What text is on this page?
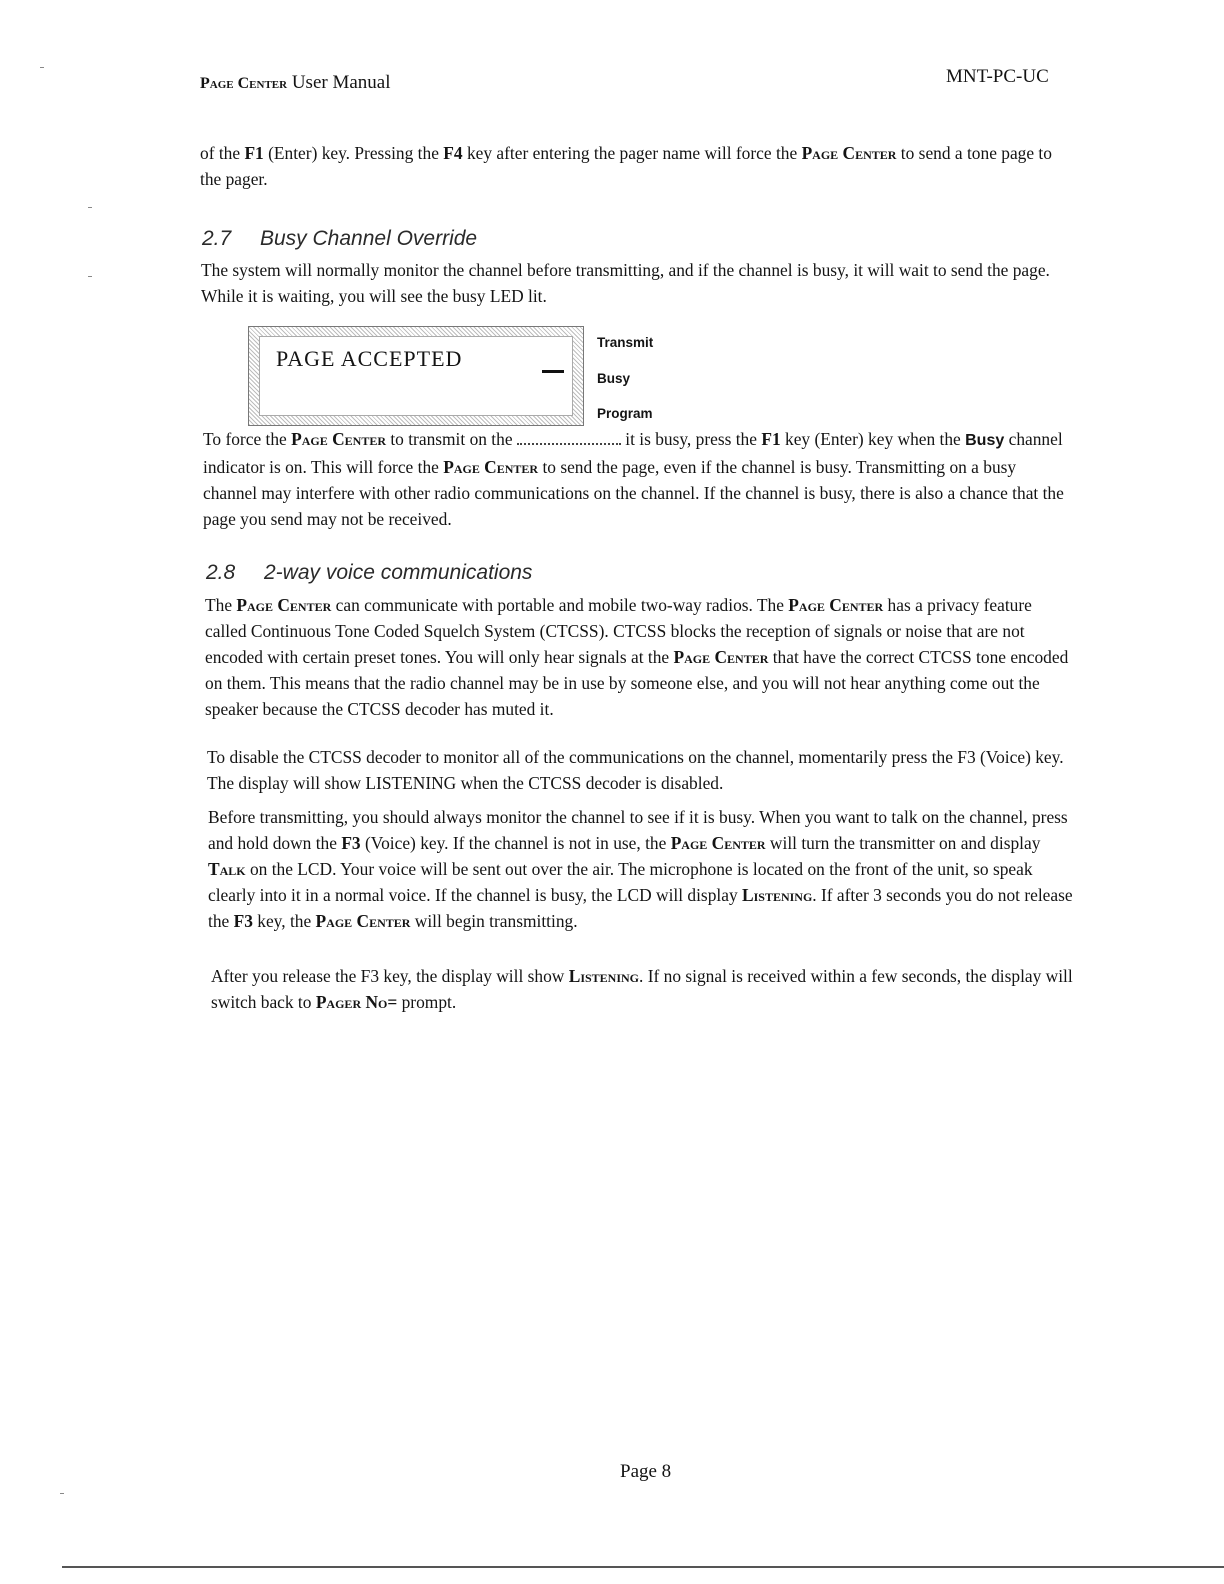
Page Center User Manual	MNT-PC-UC
of the F1 (Enter) key. Pressing the F4 key after entering the pager name will force the Page Center to send a tone page to the pager.
2.7 Busy Channel Override
The system will normally monitor the channel before transmitting, and if the channel is busy, it will wait to send the page. While it is waiting, you will see the busy LED lit.
PAGE ACCEPTED
Transmit
Busy
Program
To force the Page Center to transmit on the	it is busy, press the F1 key (Enter) key when the Busy channel indicator is on. This will force the Page Center to send the page, even if the channel is busy. Transmitting on a busy channel may interfere with other radio communications on the channel. If the channel is busy, there is also a chance that the page you send may not be received.
2.8 2-way voice communications
The Page Center can communicate with portable and mobile two-way radios. The Page Center has a privacy feature called Continuous Tone Coded Squelch System (CTCSS). CTCSS blocks the reception of signals or noise that are not encoded with certain preset tones. You will only hear signals at the Page Center that have the correct CTCSS tone encoded on them. This means that the radio channel may be in use by someone else, and you will not hear anything come out the speaker because the CTCSS decoder has muted it.
To disable the CTCSS decoder to monitor all of the communications on the channel, momentarily press the F3 (Voice) key. The display will show LISTENING when the CTCSS decoder is disabled.
Before transmitting, you should always monitor the channel to see if it is busy. When you want to talk on the channel, press and hold down the F3 (Voice) key. If the channel is not in use, the Page Center will turn the transmitter on and display Talk on the LCD. Your voice will be sent out over the air. The microphone is located on the front of the unit, so speak clearly into it in a normal voice. If the channel is busy, the LCD will display Listening. If after 3 seconds you do not release the F3 key, the Page Center will begin transmitting.
After you release the F3 key, the display will show Listening. If no signal is received within a few seconds, the display will switch back to Pager No= prompt.
Page 8
